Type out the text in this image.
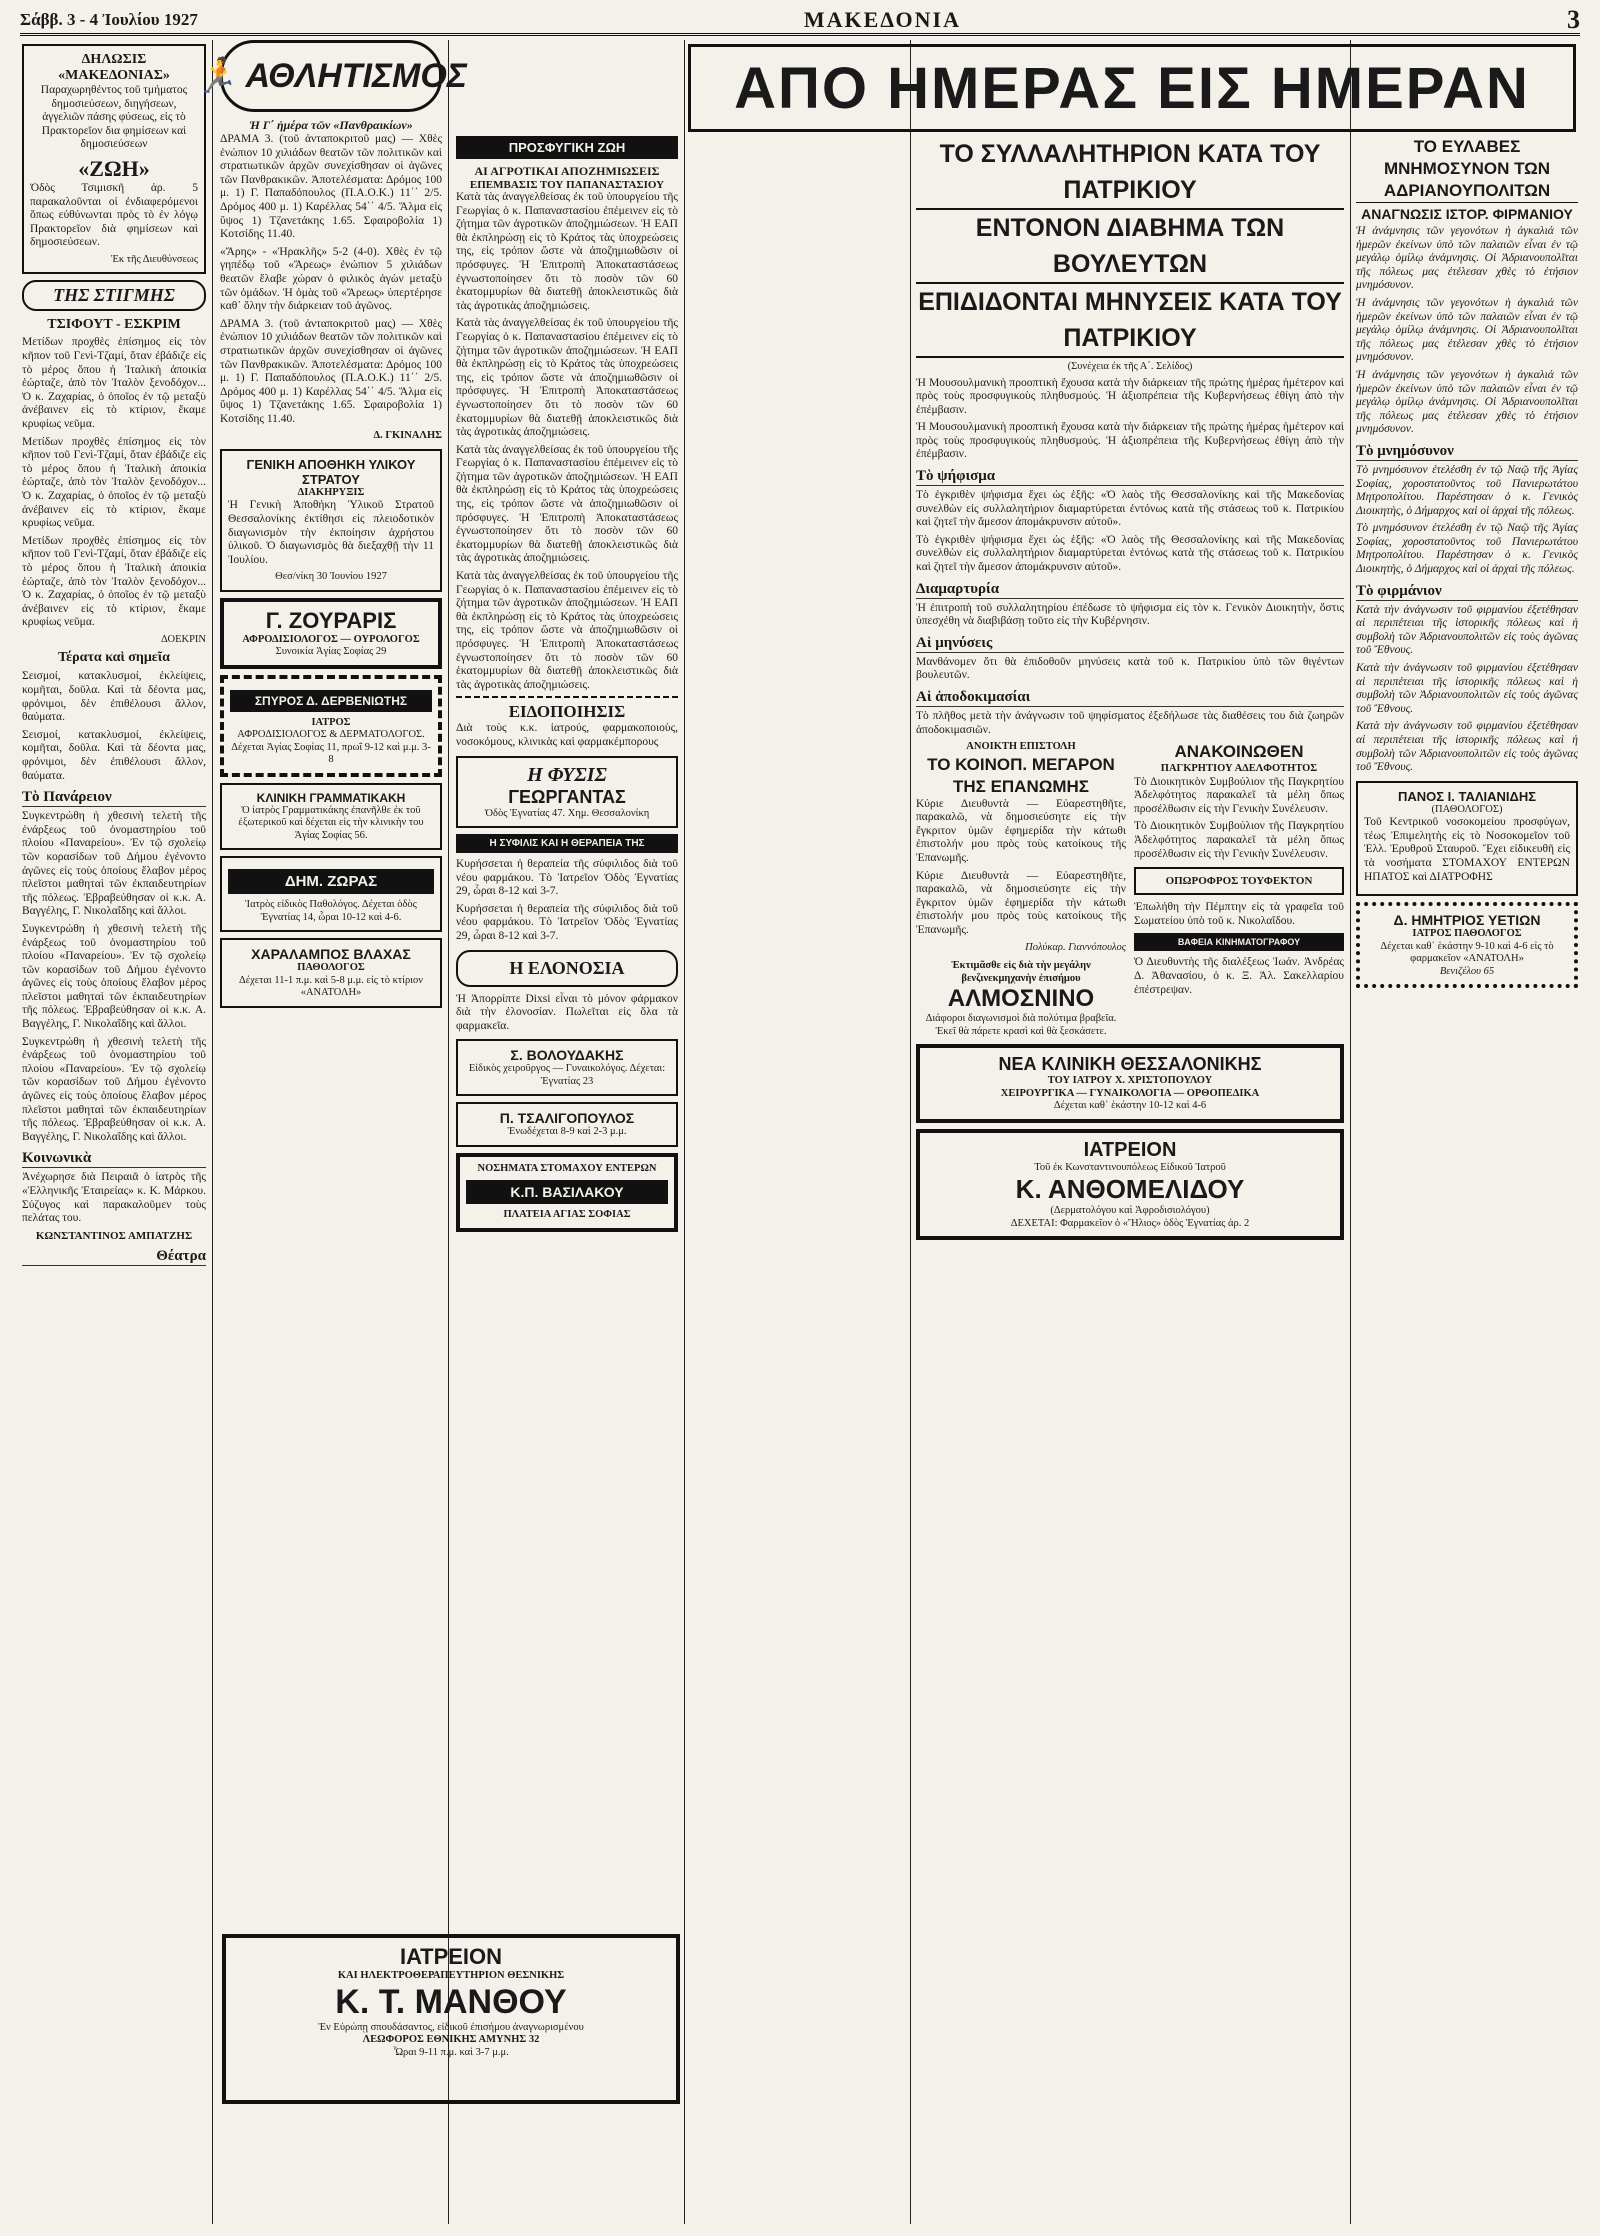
Σάββ. 3 - 4 Ἰουλίου 1927	ΜΑΚΕΔΟΝΙΑ	3
ΑΠΟ ΗΜΕΡΑΣ ΕΙΣ ΗΜΕΡΑΝ
ΔΗΛΩΣΙΣ «ΜΑΚΕΔΟΝΙΑΣ»

Παραχωρηθέντος τοῦ τμήματος δημοσιεύσεων, διηγήσεων, ἀγγελιῶν πάσης φύσεως, εἰς τὸ Πρακτορεῖον δια φημίσεων καὶ δημοσιεύσεων

«ΖΩΗ»

Ὁδὸς Τσιμισκῆ ἀρ. 5 παρακαλοῦνται οἱ ἐνδιαφερόμενοι ὅπως εὐθύνωνται πρὸς τὸ ἐν λόγῳ Πρακτορεῖον διὰ φημίσεων καὶ δημοσιεύσεων.

Ἐκ τῆς Διευθύνσεως
ΤΗΣ ΣΤΙΓΜΗΣ
ΤΣΙΦΟΥΤ - ΕΣΚΡΙΜ

Μετίδων προχθὲς ἐπίσημος εἰς τὸν κῆπον τοῦ Γενὶ-Τζαμί, ὅταν ἐβάδιζε εἰς τὸ μέρος ὅπου ἡ Ἰταλικὴ ἀποικία ἑώρταζε, ἀπὸ τὸν Ἰταλὸν ξενοδόχον... Ὁ κ. Ζαχαρίας, ὁ ὁποῖος ἐν τῷ μεταξὺ ἀνέβαινεν εἰς τὸ κτίριον, ἔκαμε κρυφίως νεῦμα.

Μετίδων προχθὲς ἐπίσημος εἰς τὸν κῆπον τοῦ Γενὶ-Τζαμί, ὅταν ἐβάδιζε εἰς τὸ μέρος ὅπου ἡ Ἰταλικὴ ἀποικία ἑώρταζε, ἀπὸ τὸν Ἰταλὸν ξενοδόχον... Ὁ κ. Ζαχαρίας, ὁ ὁποῖος ἐν τῷ μεταξὺ ἀνέβαινεν εἰς τὸ κτίριον, ἔκαμε κρυφίως νεῦμα.

Μετίδων προχθὲς ἐπίσημος εἰς τὸν κῆπον τοῦ Γενὶ-Τζαμί, ὅταν ἐβάδιζε εἰς τὸ μέρος ὅπου ἡ Ἰταλικὴ ἀποικία ἑώρταζε, ἀπὸ τὸν Ἰταλὸν ξενοδόχον... Ὁ κ. Ζαχαρίας, ὁ ὁποῖος ἐν τῷ μεταξὺ ἀνέβαινεν εἰς τὸ κτίριον, ἔκαμε κρυφίως νεῦμα.

ΔΟΕΚΡΙΝ
Τέρατα καὶ σημεῖα

Σεισμοί, κατακλυσμοί, ἐκλείψεις, κομῆται, δοῦλα. Καὶ τὰ δέοντα μας, φρόνιμοι, δὲν ἐπιθέλουσι ἄλλον, θαύματα.

Σεισμοί, κατακλυσμοί, ἐκλείψεις, κομῆται, δοῦλα. Καὶ τὰ δέοντα μας, φρόνιμοι, δὲν ἐπιθέλουσι ἄλλον, θαύματα.

Τὸ Πανάρειον

Συγκεντρώθη ἡ χθεσινὴ τελετὴ τῆς ἐνάρξεως τοῦ ὀνομαστηρίου τοῦ πλοίου «Παναρείου». Ἐν τῷ σχολείῳ τῶν κορασίδων τοῦ Δήμου ἐγένοντο ἀγῶνες εἰς τοὺς ὁποίους ἔλαβον μέρος πλεῖστοι μαθηταὶ τῶν ἐκπαιδευτηρίων τῆς πόλεως. Ἐβραβεύθησαν οἱ κ.κ. Α. Βαγγέλης, Γ. Νικολαΐδης καὶ ἄλλοι.

Συγκεντρώθη ἡ χθεσινὴ τελετὴ τῆς ἐνάρξεως τοῦ ὀνομαστηρίου τοῦ πλοίου «Παναρείου». Ἐν τῷ σχολείῳ τῶν κορασίδων τοῦ Δήμου ἐγένοντο ἀγῶνες εἰς τοὺς ὁποίους ἔλαβον μέρος πλεῖστοι μαθηταὶ τῶν ἐκπαιδευτηρίων τῆς πόλεως. Ἐβραβεύθησαν οἱ κ.κ. Α. Βαγγέλης, Γ. Νικολαΐδης καὶ ἄλλοι.

Συγκεντρώθη ἡ χθεσινὴ τελετὴ τῆς ἐνάρξεως τοῦ ὀνομαστηρίου τοῦ πλοίου «Παναρείου». Ἐν τῷ σχολείῳ τῶν κορασίδων τοῦ Δήμου ἐγένοντο ἀγῶνες εἰς τοὺς ὁποίους ἔλαβον μέρος πλεῖστοι μαθηταὶ τῶν ἐκπαιδευτηρίων τῆς πόλεως. Ἐβραβεύθησαν οἱ κ.κ. Α. Βαγγέλης, Γ. Νικολαΐδης καὶ ἄλλοι.

Κοινωνικὰ

Ἀνέχωρησε διὰ Πειραιᾶ ὁ ἰατρὸς τῆς «Ἑλληνικῆς Ἐταιρείας» κ. Κ. Μάρκου. Σύζυγος καὶ παρακαλοῦμεν τοὺς πελάτας του.

ΚΩΝΣΤΑΝΤΙΝΟΣ ΑΜΠΑΤΖΗΣ
Θέατρα
🏃 ΑΘΛΗΤΙΣΜΟΣ
Ἡ Γ΄ ἡμέρα τῶν «Πανθραικίων»

ΔΡΑΜΑ 3. (τοῦ ἀνταποκριτοῦ μας) — Χθὲς ἐνώπιον 10 χιλιάδων θεατῶν τῶν πολιτικῶν καὶ στρατιωτικῶν ἀρχῶν συνεχίσθησαν οἱ ἀγῶνες τῶν Πανθρακικῶν. Ἀποτελέσματα: Δρόμος 100 μ. 1) Γ. Παπαδόπουλος (Π.Α.Ο.Κ.) 11΄΄ 2/5. Δρόμος 400 μ. 1) Καρέλλας 54΄΄ 4/5. Ἅλμα εἰς ὕψος 1) Τζανετάκης 1.65. Σφαιροβολία 1) Κοτσίδης 11.40.

«Ἄρης» - «Ἠρακλῆς» 5-2 (4-0). Χθὲς ἐν τῷ γηπέδῳ τοῦ «Ἄρεως» ἐνώπιον 5 χιλιάδων θεατῶν ἔλαβε χώραν ὁ φιλικὸς ἀγὼν μεταξὺ τῶν ὁμάδων. Ἡ ὁμὰς τοῦ «Ἄρεως» ὑπερτέρησε καθ᾽ ὅλην τὴν διάρκειαν τοῦ ἀγῶνος.

ΔΡΑΜΑ 3. (τοῦ ἀνταποκριτοῦ μας) — Χθὲς ἐνώπιον 10 χιλιάδων θεατῶν τῶν πολιτικῶν καὶ στρατιωτικῶν ἀρχῶν συνεχίσθησαν οἱ ἀγῶνες τῶν Πανθρακικῶν. Ἀποτελέσματα: Δρόμος 100 μ. 1) Γ. Παπαδόπουλος (Π.Α.Ο.Κ.) 11΄΄ 2/5. Δρόμος 400 μ. 1) Καρέλλας 54΄΄ 4/5. Ἅλμα εἰς ὕψος 1) Τζανετάκης 1.65. Σφαιροβολία 1) Κοτσίδης 11.40.

Δ. ΓΚΙΝΑΛΗΣ
ΓΕΝΙΚΗ ΑΠΟΘΗΚΗ ΥΛΙΚΟΥ ΣΤΡΑΤΟΥ
ΔΙΑΚΗΡΥΞΙΣ

Ἡ Γενικὴ Ἀποθήκη Ὑλικοῦ Στρατοῦ Θεσσαλονίκης ἐκτίθησι εἰς πλειοδοτικὸν διαγωνισμὸν τὴν ἐκποίησιν ἀχρήστου ὑλικοῦ. Ὁ διαγωνισμὸς θὰ διεξαχθῇ τὴν 11 Ἰουλίου.

Θεσ/νίκη 30 Ἰουνίου 1927
Γ. ΖΟΥΡΑΡΙΣ
ΑΦΡΟΔΙΣΙΟΛΟΓΟΣ — ΟΥΡΟΛΟΓΟΣ
Συνοικία Ἁγίας Σοφίας 29
ΣΠΥΡΟΣ Δ. ΔΕΡΒΕΝΙΩΤΗΣ
ΙΑΤΡΟΣ
ΑΦΡΟΔΙΣΙΟΛΟΓΟΣ & ΔΕΡΜΑΤΟΛΟΓΟΣ. Δέχεται Ἁγίας Σοφίας 11, πρωΐ 9-12 καὶ μ.μ. 3-8
ΚΛΙΝΙΚΗ ΓΡΑΜΜΑΤΙΚΑΚΗ
Ὁ ἰατρὸς Γραμματικάκης ἐπανῆλθε ἐκ τοῦ ἐξωτερικοῦ καὶ δέχεται εἰς τὴν κλινικὴν του Ἁγίας Σοφίας 56.
ΔΗΜ. ΖΩΡΑΣ
Ἰατρὸς εἰδικὸς Παθολόγος. Δέχεται ὁδὸς Ἐγνατίας 14, ὧραι 10-12 καὶ 4-6.
ΧΑΡΑΛΑΜΠΟΣ ΒΛΑΧΑΣ
ΠΑΘΟΛΟΓΟΣ
Δέχεται 11-1 π.μ. καὶ 5-8 μ.μ. εἰς τὸ κτίριον «ΑΝΑΤΟΛΗ»
ΙΑΤΡΕΙΟΝ
ΚΑΙ ΗΛΕΚΤΡΟΘΕΡΑΠΕΥΤΗΡΙΟΝ ΘΕΣΝΙΚΗΣ
Κ. Τ. ΜΑΝΘΟΥ
Ἐν Εὐρώπῃ σπουδάσαντος, εἰδικοῦ ἐπισήμου ἀναγνωρισμένου
ΛΕΩΦΟΡΟΣ ΕΘΝΙΚΗΣ ΑΜΥΝΗΣ 32
Ὧραι 9-11 π.μ. καὶ 3-7 μ.μ.
ΠΡΟΣΦΥΓΙΚΗ ΖΩΗ
ΑΙ ΑΓΡΟΤΙΚΑΙ ΑΠΟΖΗΜΙΩΣΕΙΣ
ΕΠΕΜΒΑΣΙΣ ΤΟΥ ΠΑΠΑΝΑΣΤΑΣΙΟΥ

Κατὰ τὰς ἀναγγελθείσας ἐκ τοῦ ὑπουργείου τῆς Γεωργίας ὁ κ. Παπαναστασίου ἐπέμεινεν εἰς τὸ ζήτημα τῶν ἀγροτικῶν ἀποζημιώσεων. Ἡ ΕΑΠ θὰ ἐκπληρώσῃ εἰς τὸ Κράτος τὰς ὑποχρεώσεις της, εἰς τρόπον ὥστε νὰ ἀποζημιωθῶσιν οἱ πρόσφυγες. Ἡ Ἐπιτροπὴ Ἀποκαταστάσεως ἐγνωστοποίησεν ὅτι τὸ ποσὸν τῶν 60 ἑκατομμυρίων θὰ διατεθῇ ἀποκλειστικῶς διὰ τὰς ἀγροτικὰς ἀποζημιώσεις.

Κατὰ τὰς ἀναγγελθείσας ἐκ τοῦ ὑπουργείου τῆς Γεωργίας ὁ κ. Παπαναστασίου ἐπέμεινεν εἰς τὸ ζήτημα τῶν ἀγροτικῶν ἀποζημιώσεων. Ἡ ΕΑΠ θὰ ἐκπληρώσῃ εἰς τὸ Κράτος τὰς ὑποχρεώσεις της, εἰς τρόπον ὥστε νὰ ἀποζημιωθῶσιν οἱ πρόσφυγες. Ἡ Ἐπιτροπὴ Ἀποκαταστάσεως ἐγνωστοποίησεν ὅτι τὸ ποσὸν τῶν 60 ἑκατομμυρίων θὰ διατεθῇ ἀποκλειστικῶς διὰ τὰς ἀγροτικὰς ἀποζημιώσεις.

Κατὰ τὰς ἀναγγελθείσας ἐκ τοῦ ὑπουργείου τῆς Γεωργίας ὁ κ. Παπαναστασίου ἐπέμεινεν εἰς τὸ ζήτημα τῶν ἀγροτικῶν ἀποζημιώσεων. Ἡ ΕΑΠ θὰ ἐκπληρώσῃ εἰς τὸ Κράτος τὰς ὑποχρεώσεις της, εἰς τρόπον ὥστε νὰ ἀποζημιωθῶσιν οἱ πρόσφυγες. Ἡ Ἐπιτροπὴ Ἀποκαταστάσεως ἐγνωστοποίησεν ὅτι τὸ ποσὸν τῶν 60 ἑκατομμυρίων θὰ διατεθῇ ἀποκλειστικῶς διὰ τὰς ἀγροτικὰς ἀποζημιώσεις.

Κατὰ τὰς ἀναγγελθείσας ἐκ τοῦ ὑπουργείου τῆς Γεωργίας ὁ κ. Παπαναστασίου ἐπέμεινεν εἰς τὸ ζήτημα τῶν ἀγροτικῶν ἀποζημιώσεων. Ἡ ΕΑΠ θὰ ἐκπληρώσῃ εἰς τὸ Κράτος τὰς ὑποχρεώσεις της, εἰς τρόπον ὥστε νὰ ἀποζημιωθῶσιν οἱ πρόσφυγες. Ἡ Ἐπιτροπὴ Ἀποκαταστάσεως ἐγνωστοποίησεν ὅτι τὸ ποσὸν τῶν 60 ἑκατομμυρίων θὰ διατεθῇ ἀποκλειστικῶς διὰ τὰς ἀγροτικὰς ἀποζημιώσεις.

ΕΙΔΟΠΟΙΗΣΙΣ

Διὰ τοὺς κ.κ. ἰατρούς, φαρμακοποιοὺς, νοσοκόμους, κλινικὰς καὶ φαρμακέμπορους

Η ΦΥΣΙΣ
ΓΕΩΡΓΑΝΤΑΣ
Ὁδὸς Ἐγνατίας 47. Χημ. Θεσσαλονίκη
Η ΣΥΦΙΛΙΣ ΚΑΙ Η ΘΕΡΑΠΕΙΑ ΤΗΣ

Κυρήσσεται ἡ θεραπεία τῆς σύφιλιδος διὰ τοῦ νέου φαρμάκου. Τὸ Ἰατρεῖον Ὁδὸς Ἐγνατίας 29, ὧραι 8-12 καὶ 3-7.

Κυρήσσεται ἡ θεραπεία τῆς σύφιλιδος διὰ τοῦ νέου φαρμάκου. Τὸ Ἰατρεῖον Ὁδὸς Ἐγνατίας 29, ὧραι 8-12 καὶ 3-7.

Η ΕΛΟΝΟΣΙΑ

Ἡ Ἀπορρίπτε Dixsi εἶναι τὸ μόνον φάρμακον διὰ τὴν ἐλονοσίαν. Πωλεῖται εἰς ὅλα τὰ φαρμακεῖα.

Σ. ΒΟΛΟΥΔΑΚΗΣ
Εἰδικὸς χειροῦργος — Γυναικολόγος. Δέχεται: Ἐγνατίας 23
Π. ΤΣΑΛΙΓΟΠΟΥΛΟΣ
Ἐνωδέχεται 8-9 καὶ 2-3 μ.μ.
ΝΟΣΗΜΑΤΑ ΣΤΟΜΑΧΟΥ ΕΝΤΕΡΩΝ
Κ.Π. ΒΑΣΙΛΑΚΟΥ
ΠΛΑΤΕΙΑ ΑΓΙΑΣ ΣΟΦΙΑΣ
ΤΟ ΣΥΛΛΑΛΗΤΗΡΙΟΝ ΚΑΤΑ ΤΟΥ ΠΑΤΡΙΚΙΟΥ
ΕΝΤΟΝΟΝ ΔΙΑΒΗΜΑ ΤΩΝ ΒΟΥΛΕΥΤΩΝ
ΕΠΙΔΙΔΟΝΤΑΙ ΜΗΝΥΣΕΙΣ ΚΑΤΑ ΤΟΥ ΠΑΤΡΙΚΙΟΥ
(Συνέχεια ἐκ τῆς Α΄. Σελίδος)

Ἡ Μουσουλμανικὴ προοπτικὴ ἔχουσα κατὰ τὴν διάρκειαν τῆς πρώτης ἡμέρας ἡμέτερον καὶ πρὸς τοὺς προσφυγικοὺς πληθυσμούς. Ἡ ἀξιοπρέπεια τῆς Κυβερνήσεως ἐθίγη ἀπὸ τὴν ἐπέμβασιν.

Ἡ Μουσουλμανικὴ προοπτικὴ ἔχουσα κατὰ τὴν διάρκειαν τῆς πρώτης ἡμέρας ἡμέτερον καὶ πρὸς τοὺς προσφυγικοὺς πληθυσμούς. Ἡ ἀξιοπρέπεια τῆς Κυβερνήσεως ἐθίγη ἀπὸ τὴν ἐπέμβασιν.

Τὸ ψήφισμα

Τὸ ἐγκριθὲν ψήφισμα ἔχει ὡς ἑξῆς: «Ὁ λαὸς τῆς Θεσσαλονίκης καὶ τῆς Μακεδονίας συνελθὼν εἰς συλλαλητήριον διαμαρτύρεται ἐντόνως κατὰ τῆς στάσεως τοῦ κ. Πατρικίου καὶ ζητεῖ τὴν ἄμεσον ἀπομάκρυνσιν αὐτοῦ».

Τὸ ἐγκριθὲν ψήφισμα ἔχει ὡς ἑξῆς: «Ὁ λαὸς τῆς Θεσσαλονίκης καὶ τῆς Μακεδονίας συνελθὼν εἰς συλλαλητήριον διαμαρτύρεται ἐντόνως κατὰ τῆς στάσεως τοῦ κ. Πατρικίου καὶ ζητεῖ τὴν ἄμεσον ἀπομάκρυνσιν αὐτοῦ».

Διαμαρτυρία

Ἡ ἐπιτροπὴ τοῦ συλλαλητηρίου ἐπέδωσε τὸ ψήφισμα εἰς τὸν κ. Γενικὸν Διοικητὴν, ὅστις ὑπεσχέθη νὰ διαβιβάσῃ τοῦτο εἰς τὴν Κυβέρνησιν.

Αἱ μηνύσεις

Μανθάνομεν ὅτι θὰ ἐπιδοθοῦν μηνύσεις κατὰ τοῦ κ. Πατρικίου ὑπὸ τῶν θιγέντων βουλευτῶν.

Αἱ ἀποδοκιμασίαι

Τὸ πλῆθος μετὰ τὴν ἀνάγνωσιν τοῦ ψηφίσματος ἐξεδήλωσε τὰς διαθέσεις του διὰ ζωηρῶν ἀποδοκιμασιῶν.

ΑΝΟΙΚΤΗ ΕΠΙΣΤΟΛΗ
ΤΟ ΚΟΙΝΟΠ. ΜΕΓΑΡΟΝ ΤΗΣ ΕΠΑΝΩΜΗΣ

Κύριε Διευθυντὰ — Εὐαρεστηθῆτε, παρακαλῶ, νὰ δημοσιεύσητε εἰς τὴν ἔγκριτον ὑμῶν ἐφημερίδα τὴν κάτωθι ἐπιστολήν μου πρὸς τοὺς κατοίκους τῆς Ἐπανωμῆς.

Κύριε Διευθυντὰ — Εὐαρεστηθῆτε, παρακαλῶ, νὰ δημοσιεύσητε εἰς τὴν ἔγκριτον ὑμῶν ἐφημερίδα τὴν κάτωθι ἐπιστολήν μου πρὸς τοὺς κατοίκους τῆς Ἐπανωμῆς.

Πολύκαρ. Γιαννόπουλος
Ἐκτιμᾶσθε εἰς διὰ τὴν μεγάλην βενζινεκμηχανὴν ἐπισήμου
ΑΛΜΟΣΝΙΝΟ
Διάφοροι διαγωνισμοὶ διὰ πολύτιμα βραβεῖα. Ἐκεῖ θὰ πάρετε κρασὶ καὶ θὰ ξεσκάσετε.
ΑΝΑΚΟΙΝΩΘΕΝ
ΠΑΓΚΡΗΤΙΟΥ ΑΔΕΛΦΟΤΗΤΟΣ

Τὸ Διοικητικὸν Συμβούλιον τῆς Παγκρητίου Ἀδελφότητος παρακαλεῖ τὰ μέλη ὅπως προσέλθωσιν εἰς τὴν Γενικὴν Συνέλευσιν.

Τὸ Διοικητικὸν Συμβούλιον τῆς Παγκρητίου Ἀδελφότητος παρακαλεῖ τὰ μέλη ὅπως προσέλθωσιν εἰς τὴν Γενικὴν Συνέλευσιν.

ΟΠΩΡΟΦΡΟΣ ΤΟΥΦΕΚΤΟΝ

Ἐπωλήθη τὴν Πέμπτην εἰς τὰ γραφεῖα τοῦ Σωματείου ὑπὸ τοῦ κ. Νικολαΐδου.

ΒΑΦΕΙΑ ΚΙΝΗΜΑΤΟΓΡΑΦΟΥ

Ὁ Διευθυντὴς τῆς διαλέξεως Ἰωάν. Ἀνδρέας Δ. Ἀθανασίου, ὁ κ. Ξ. Ἀλ. Σακελλαρίου ἐπέστρεψαν.

ΝΕΑ ΚΛΙΝΙΚΗ ΘΕΣΣΑΛΟΝΙΚΗΣ
ΤΟΥ ΙΑΤΡΟΥ Χ. ΧΡΙΣΤΟΠΟΥΛΟΥ
ΧΕΙΡΟΥΡΓΙΚΑ — ΓΥΝΑΙΚΟΛΟΓΙΑ — ΟΡΘΟΠΕΔΙΚΑ
Δέχεται καθ᾽ ἑκάστην 10-12 καὶ 4-6
ΙΑΤΡΕΙΟΝ
Τοῦ ἐκ Κωνσταντινουπόλεως Εἰδικοῦ Ἰατροῦ
Κ. ΑΝΘΟΜΕΛΙΔΟΥ
(Δερματολόγου καὶ Ἀφροδισιολόγου)
ΔΕΧΕΤΑΙ: Φαρμακεῖον ὁ «Ἥλιος» ὁδὸς Ἐγνατίας ἀρ. 2
ΤΟ ΕΥΛΑΒΕΣ ΜΝΗΜΟΣΥΝΟΝ ΤΩΝ ΑΔΡΙΑΝΟΥΠΟΛΙΤΩΝ
ΑΝΑΓΝΩΣΙΣ ΙΣΤΟΡ. ΦΙΡΜΑΝΙΟΥ

Ἡ ἀνάμνησις τῶν γεγονότων ἡ ἀγκαλιά τῶν ἡμερῶν ἐκείνων ὑπὸ τῶν παλαιῶν εἶναι ἐν τῷ μεγάλῳ ὁμίλῳ ἀνάμνησις. Οἱ Ἀδριανουπολῖται τῆς πόλεως μας ἐτέλεσαν χθὲς τὸ ἐτήσιον μνημόσυνον.

Ἡ ἀνάμνησις τῶν γεγονότων ἡ ἀγκαλιά τῶν ἡμερῶν ἐκείνων ὑπὸ τῶν παλαιῶν εἶναι ἐν τῷ μεγάλῳ ὁμίλῳ ἀνάμνησις. Οἱ Ἀδριανουπολῖται τῆς πόλεως μας ἐτέλεσαν χθὲς τὸ ἐτήσιον μνημόσυνον.

Ἡ ἀνάμνησις τῶν γεγονότων ἡ ἀγκαλιά τῶν ἡμερῶν ἐκείνων ὑπὸ τῶν παλαιῶν εἶναι ἐν τῷ μεγάλῳ ὁμίλῳ ἀνάμνησις. Οἱ Ἀδριανουπολῖται τῆς πόλεως μας ἐτέλεσαν χθὲς τὸ ἐτήσιον μνημόσυνον.

Τὸ μνημόσυνον

Τὸ μνημόσυνον ἐτελέσθη ἐν τῷ Ναῷ τῆς Ἁγίας Σοφίας, χοροστατοῦντος τοῦ Πανιερωτάτου Μητροπολίτου. Παρέστησαν ὁ κ. Γενικὸς Διοικητὴς, ὁ Δήμαρχος καὶ οἱ ἀρχαὶ τῆς πόλεως.

Τὸ μνημόσυνον ἐτελέσθη ἐν τῷ Ναῷ τῆς Ἁγίας Σοφίας, χοροστατοῦντος τοῦ Πανιερωτάτου Μητροπολίτου. Παρέστησαν ὁ κ. Γενικὸς Διοικητὴς, ὁ Δήμαρχος καὶ οἱ ἀρχαὶ τῆς πόλεως.

Τὸ φιρμάνιον

Κατὰ τὴν ἀνάγνωσιν τοῦ φιρμανίου ἐξετέθησαν αἱ περιπέτειαι τῆς ἱστορικῆς πόλεως καὶ ἡ συμβολὴ τῶν Ἀδριανουπολιτῶν εἰς τοὺς ἀγῶνας τοῦ Ἔθνους.

Κατὰ τὴν ἀνάγνωσιν τοῦ φιρμανίου ἐξετέθησαν αἱ περιπέτειαι τῆς ἱστορικῆς πόλεως καὶ ἡ συμβολὴ τῶν Ἀδριανουπολιτῶν εἰς τοὺς ἀγῶνας τοῦ Ἔθνους.

Κατὰ τὴν ἀνάγνωσιν τοῦ φιρμανίου ἐξετέθησαν αἱ περιπέτειαι τῆς ἱστορικῆς πόλεως καὶ ἡ συμβολὴ τῶν Ἀδριανουπολιτῶν εἰς τοὺς ἀγῶνας τοῦ Ἔθνους.

ΠΑΝΟΣ Ι. ΤΑΛΙΑΝΙΔΗΣ
(ΠΑΘΟΛΟΓΟΣ)

Τοῦ Κεντρικοῦ νοσοκομείου προσφύγων, τέως Ἐπιμελητὴς εἰς τὸ Νοσοκομεῖον τοῦ Ἐλλ. Ἐρυθροῦ Σταυροῦ. Ἔχει εἰδικευθῆ εἰς τὰ νοσήματα ΣΤΟΜΑΧΟΥ ΕΝΤΕΡΩΝ ΗΠΑΤΟΣ καὶ ΔΙΑΤΡΟΦΗΣ

Δ. ΗΜΗΤΡΙΟΣ ΥΕΤΙΩΝ
ΙΑΤΡΟΣ ΠΑΘΟΛΟΓΟΣ
Δέχεται καθ᾽ ἑκάστην 9-10 καὶ 4-6 εἰς τὸ φαρμακεῖον «ΑΝΑΤΟΛΗ»
Βενιζέλου 65
